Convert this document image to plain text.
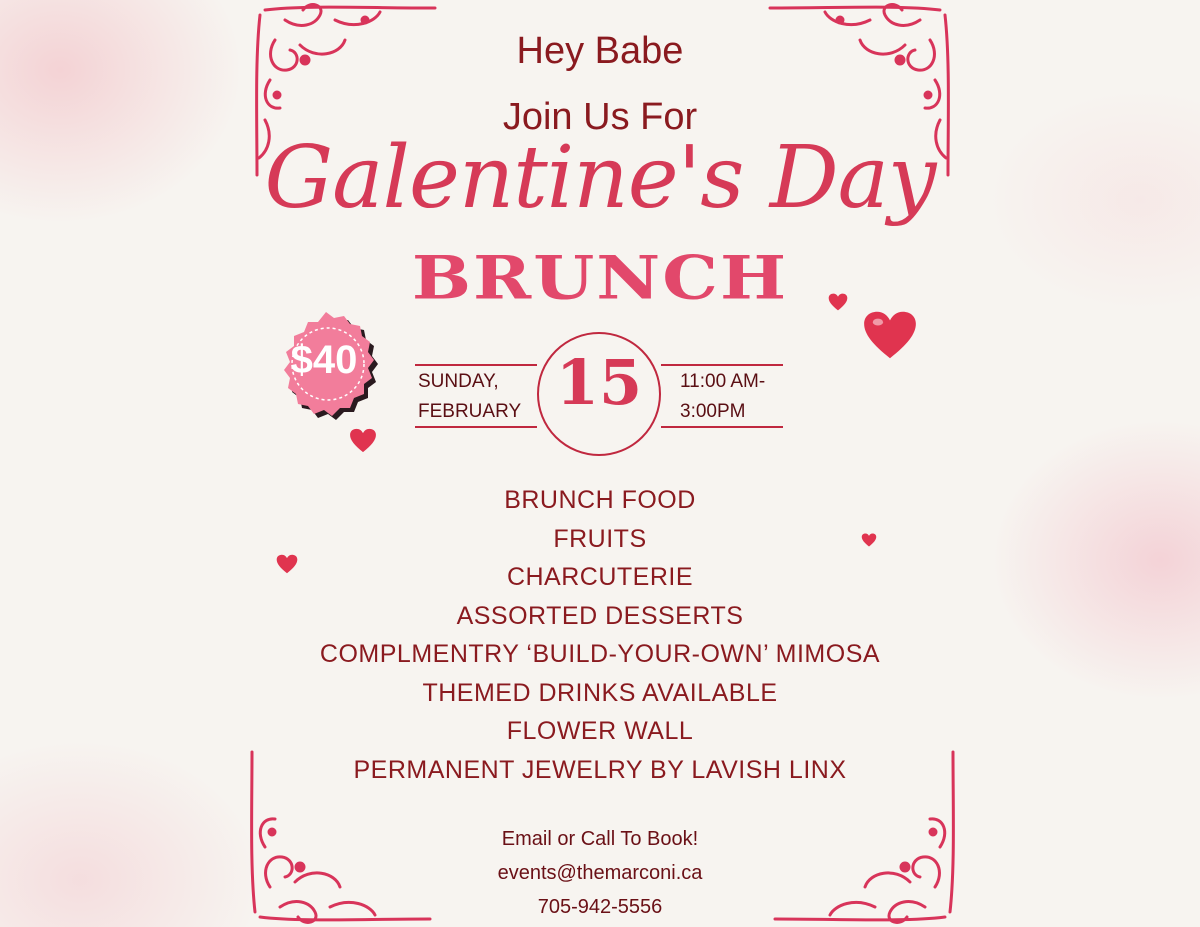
Hey Babe
Join Us For
Galentine's Day
BRUNCH
$40	SUNDAY,
FEBRUARY 15	11:00 AM-
3:00PM
BRUNCH FOOD
FRUITS
CHARCUTERIE
ASSORTED DESSERTS
COMPLMENTRY ‘BUILD-YOUR-OWN’ MIMOSA
THEMED DRINKS AVAILABLE
FLOWER WALL
PERMANENT JEWELRY BY LAVISH LINX
Email or Call To Book!
events@themarconi.ca
705-942-5556
